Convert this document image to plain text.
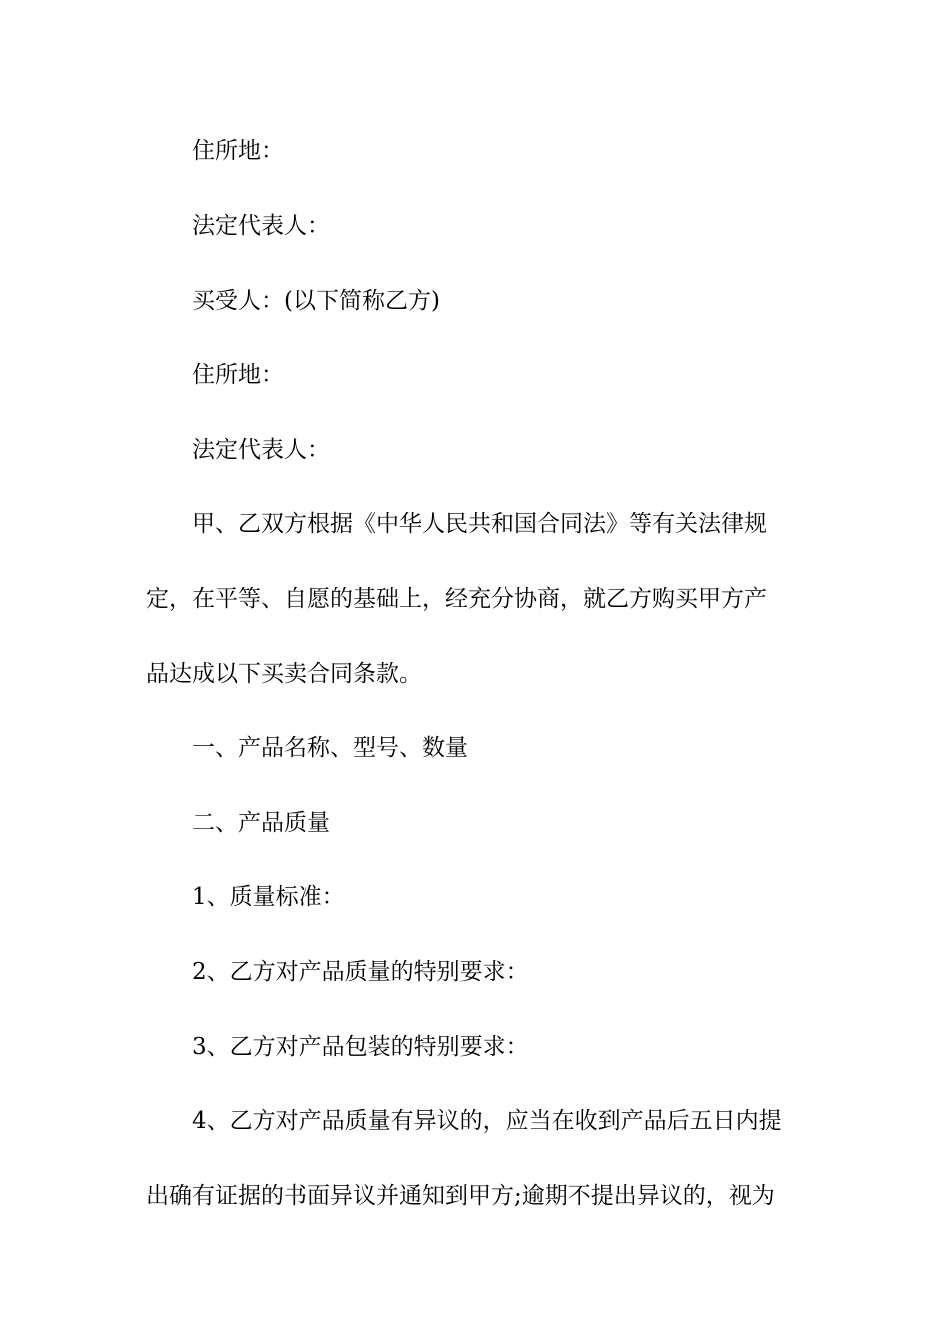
住所地：
法定代表人：
买受人：(以下简称乙方)
住所地：
法定代表人：
甲、乙双方根据《中华人民共和国合同法》等有关法律规
定，在平等、自愿的基础上，经充分协商，就乙方购买甲方产
品达成以下买卖合同条款。
一、产品名称、型号、数量
二、产品质量
1、质量标准：
2、乙方对产品质量的特别要求：
3、乙方对产品包装的特别要求：
4、乙方对产品质量有异议的，应当在收到产品后五日内提
出确有证据的书面异议并通知到甲方;逾期不提出异议的，视为
